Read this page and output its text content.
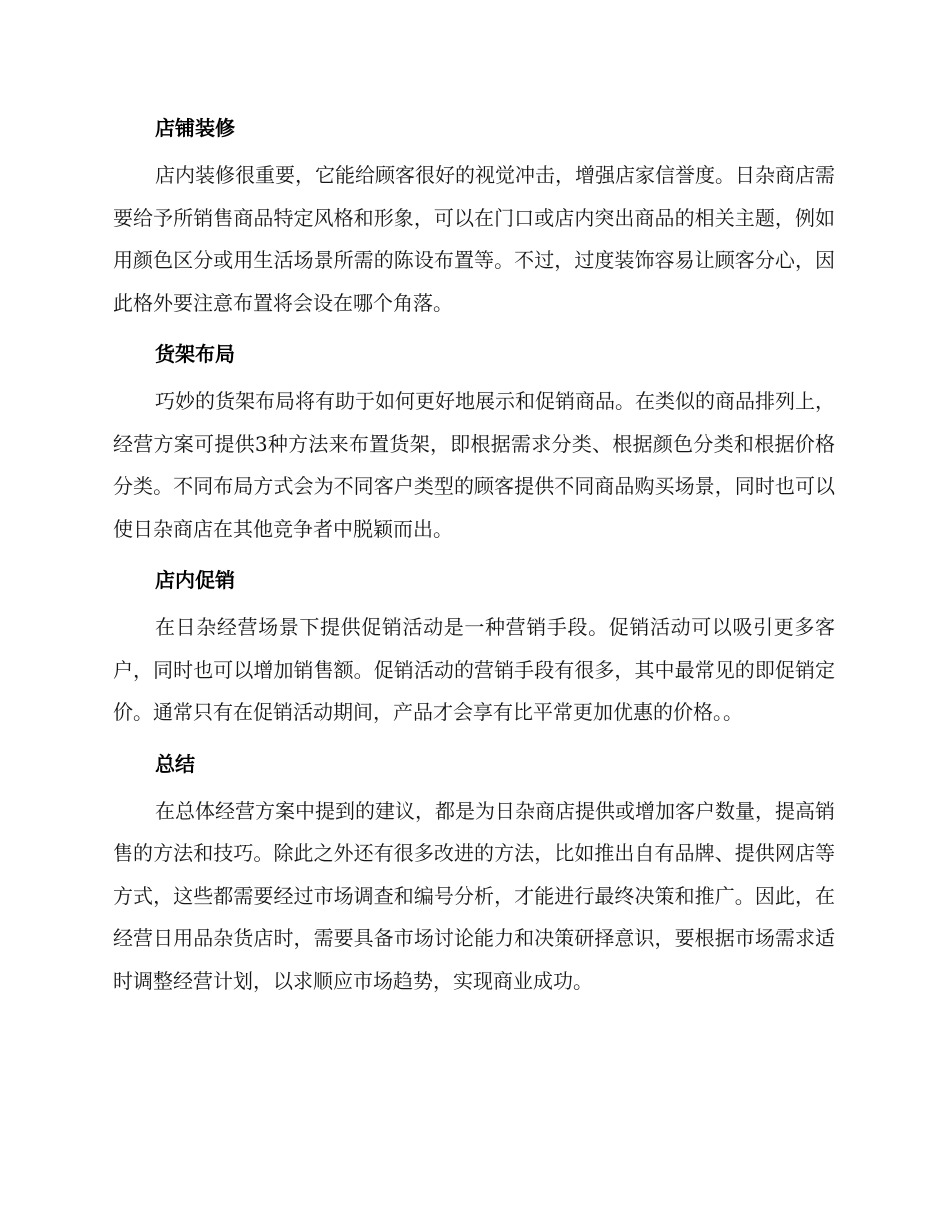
店铺装修

店内装修很重要，它能给顾客很好的视觉冲击，增强店家信誉度。日杂商店需要给予所销售商品特定风格和形象，可以在门口或店内突出商品的相关主题，例如用颜色区分或用生活场景所需的陈设布置等。不过，过度装饰容易让顾客分心，因此格外要注意布置将会设在哪个角落。

货架布局

巧妙的货架布局将有助于如何更好地展示和促销商品。在类似的商品排列上，经营方案可提供3种方法来布置货架，即根据需求分类、根据颜色分类和根据价格分类。不同布局方式会为不同客户类型的顾客提供不同商品购买场景，同时也可以使日杂商店在其他竞争者中脱颖而出。

店内促销

在日杂经营场景下提供促销活动是一种营销手段。促销活动可以吸引更多客户，同时也可以增加销售额。促销活动的营销手段有很多，其中最常见的即促销定价。通常只有在促销活动期间，产品才会享有比平常更加优惠的价格。。

总结

在总体经营方案中提到的建议，都是为日杂商店提供或增加客户数量，提高销售的方法和技巧。除此之外还有很多改进的方法，比如推出自有品牌、提供网店等方式，这些都需要经过市场调查和编号分析，才能进行最终决策和推广。因此，在经营日用品杂货店时，需要具备市场讨论能力和决策研择意识，要根据市场需求适时调整经营计划，以求顺应市场趋势，实现商业成功。
